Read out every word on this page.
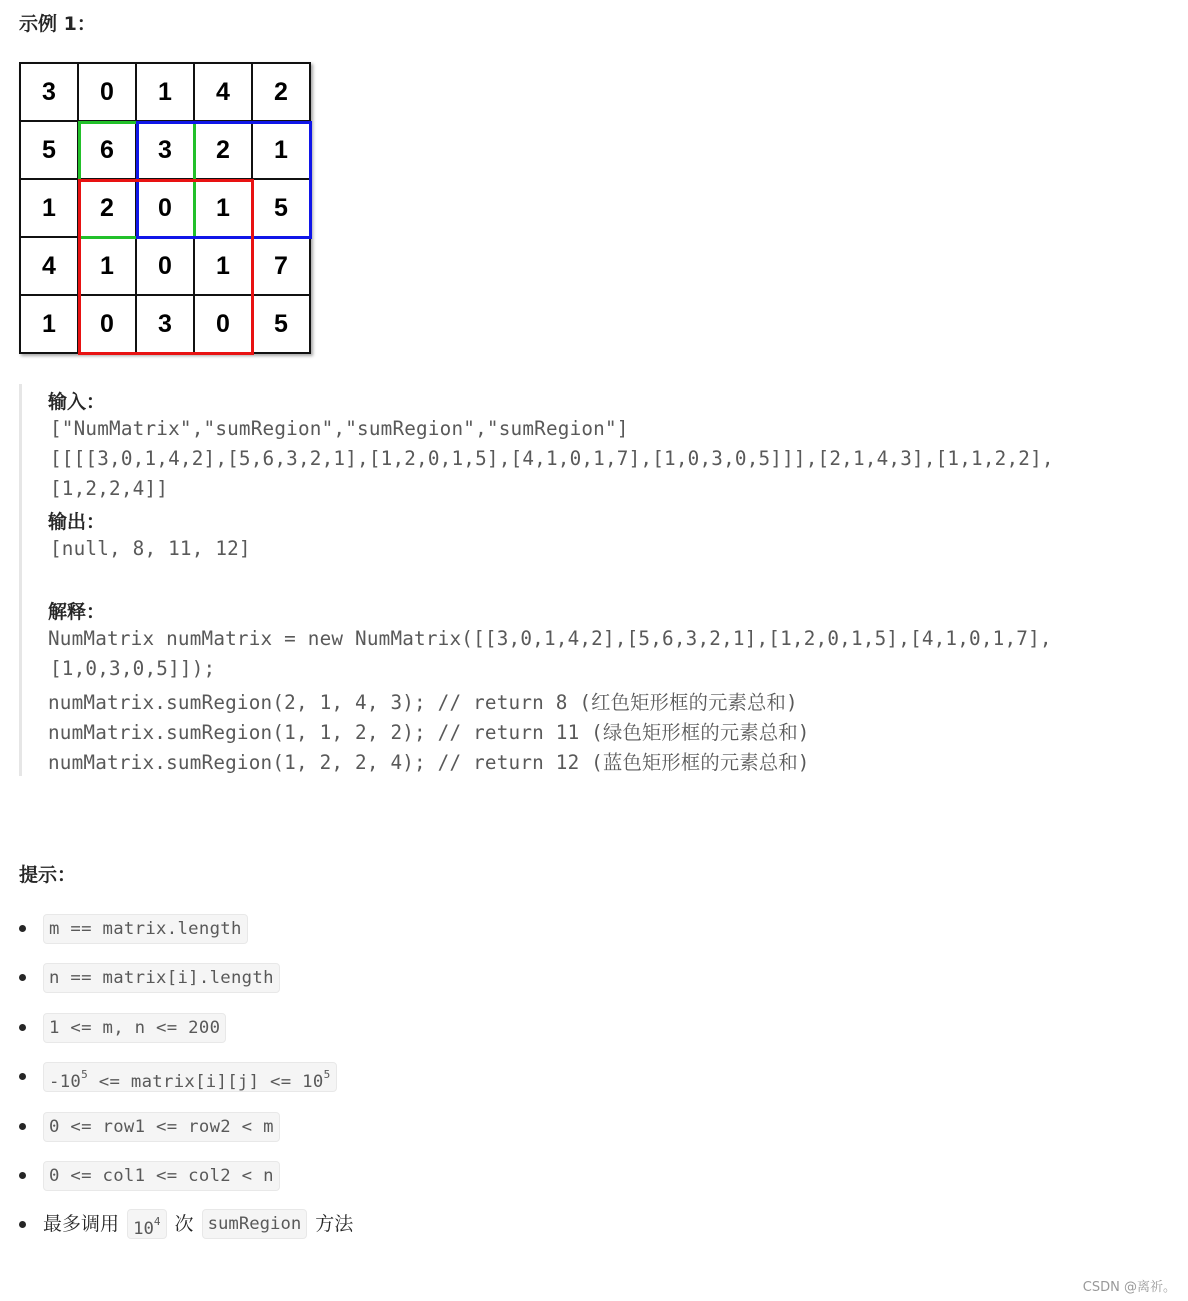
示例 1：
3	0	1	4	2
5	6	3	2	1
1	2	0	1	5
4	1	0	1	7
1	0	3	0	5
输入：
["NumMatrix","sumRegion","sumRegion","sumRegion"]
[[[[3,0,1,4,2],[5,6,3,2,1],[1,2,0,1,5],[4,1,0,1,7],[1,0,3,0,5]]],[2,1,4,3],[1,1,2,2],
[1,2,2,4]]
输出：
[null, 8, 11, 12]
解释：
NumMatrix numMatrix = new NumMatrix([[3,0,1,4,2],[5,6,3,2,1],[1,2,0,1,5],[4,1,0,1,7],
[1,0,3,0,5]]);
numMatrix.sumRegion(2, 1, 4, 3); // return 8 (红色矩形框的元素总和)
numMatrix.sumRegion(1, 1, 2, 2); // return 11 (绿色矩形框的元素总和)
numMatrix.sumRegion(1, 2, 2, 4); // return 12 (蓝色矩形框的元素总和)
提示：
m == matrix.length
n == matrix[i].length
1 <= m, n <= 200
$-10^5$ <= matrix[i][j] <= $10^5$
0 <= row1 <= row2 < m
0 <= col1 <= col2 < n
最多调用 $10^4$ 次 sumRegion 方法
CSDN @离祈。
